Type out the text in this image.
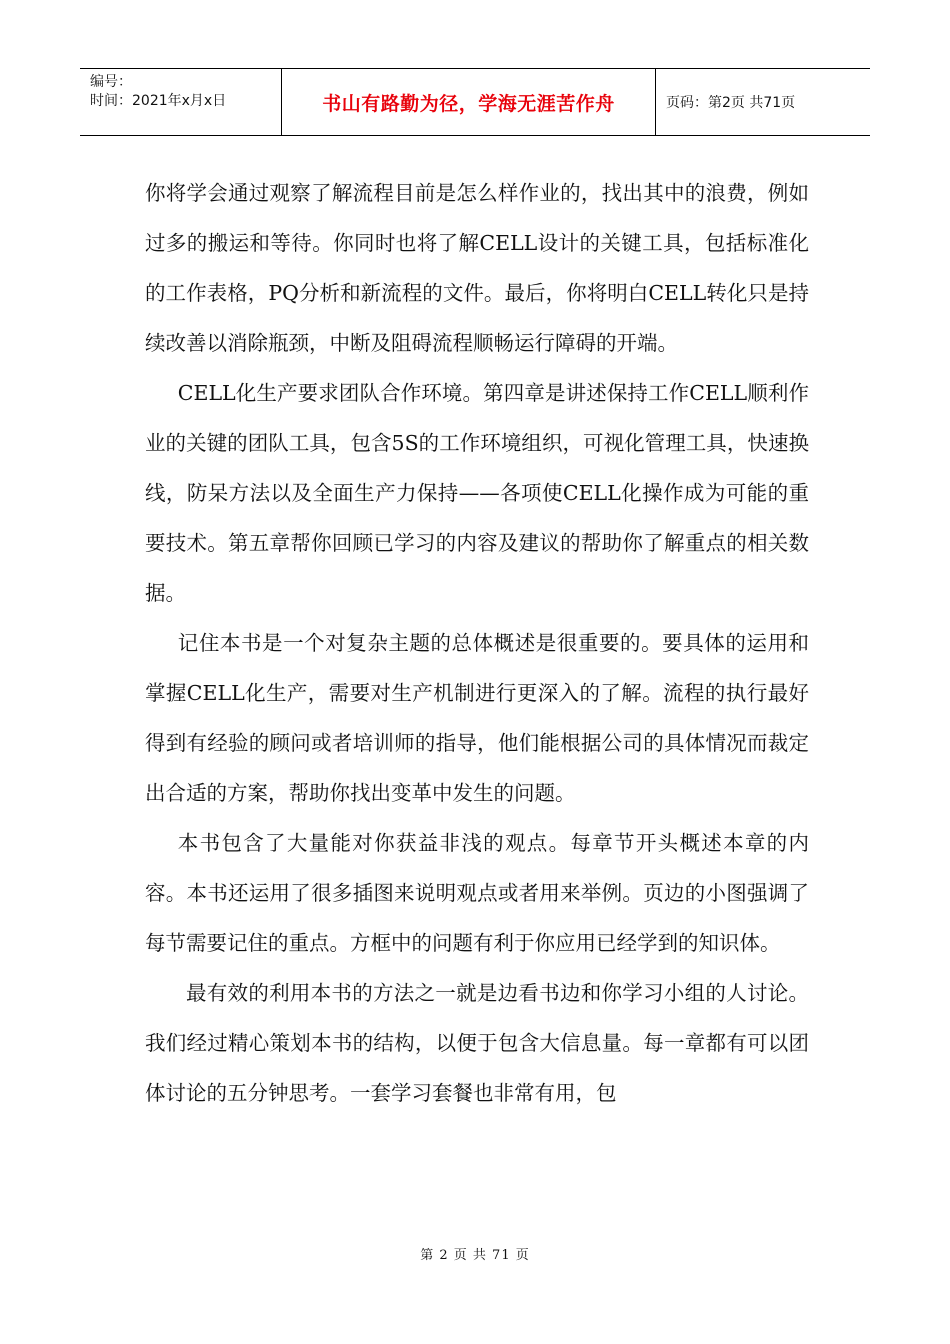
编号：
时间：2021年x月x日	书山有路勤为径，学海无涯苦作舟	页码：第2页 共71页

你将学会通过观察了解流程目前是怎么样作业的，找出其中的浪费，例如过多的搬运和等待。你同时也将了解CELL设计的关键工具，包括标准化的工作表格，PQ分析和新流程的文件。最后，你将明白CELL转化只是持续改善以消除瓶颈，中断及阻碍流程顺畅运行障碍的开端。

CELL化生产要求团队合作环境。第四章是讲述保持工作CELL顺利作业的关键的团队工具，包含5S的工作环境组织，可视化管理工具，快速换线，防呆方法以及全面生产力保持——各项使CELL化操作成为可能的重要技术。第五章帮你回顾已学习的内容及建议的帮助你了解重点的相关数据。

记住本书是一个对复杂主题的总体概述是很重要的。要具体的运用和掌握CELL化生产，需要对生产机制进行更深入的了解。流程的执行最好得到有经验的顾问或者培训师的指导，他们能根据公司的具体情况而裁定出合适的方案，帮助你找出变革中发生的问题。

本书包含了大量能对你获益非浅的观点。每章节开头概述本章的内容。本书还运用了很多插图来说明观点或者用来举例。页边的小图强调了每节需要记住的重点。方框中的问题有利于你应用已经学到的知识体。

最有效的利用本书的方法之一就是边看书边和你学习小组的人讨论。我们经过精心策划本书的结构，以便于包含大信息量。每一章都有可以团体讨论的五分钟思考。一套学习套餐也非常有用，包

第 2 页 共 71 页
